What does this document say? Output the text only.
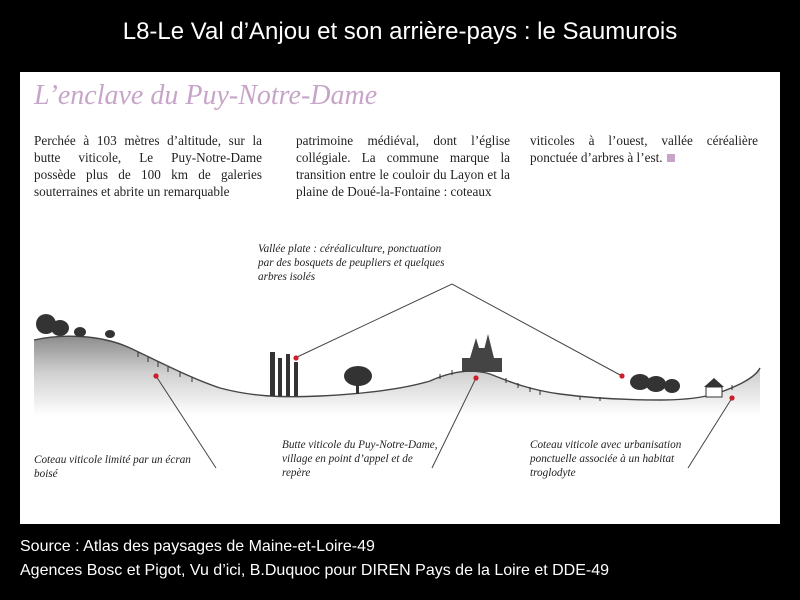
L8-Le Val d’Anjou et son arrière-pays : le Saumurois
L’enclave du Puy-Notre-Dame
Perchée à 103 mètres d’altitude, sur la butte viticole, Le Puy-Notre-Dame possède plus de 100 km de galeries souterraines et abrite un remarquable
patrimoine médiéval, dont l’église collégiale. La commune marque la transition entre le couloir du Layon et la plaine de Doué-la-Fontaine : coteaux
viticoles à l’ouest, vallée céréalière ponctuée d’arbres à l’est.
Vallée plate : céréaliculture, ponctuation par des bosquets de peupliers et quelques arbres isolés
Coteau viticole limité par un écran boisé
Butte viticole du Puy-Notre-Dame, village en point d’appel et de repère
Coteau viticole avec urbanisation ponctuelle associée à un habitat troglodyte
Source : Atlas des paysages de Maine-et-Loire-49
Agences Bosc et Pigot, Vu d’ici, B.Duquoc pour DIREN Pays de la Loire et DDE-49
